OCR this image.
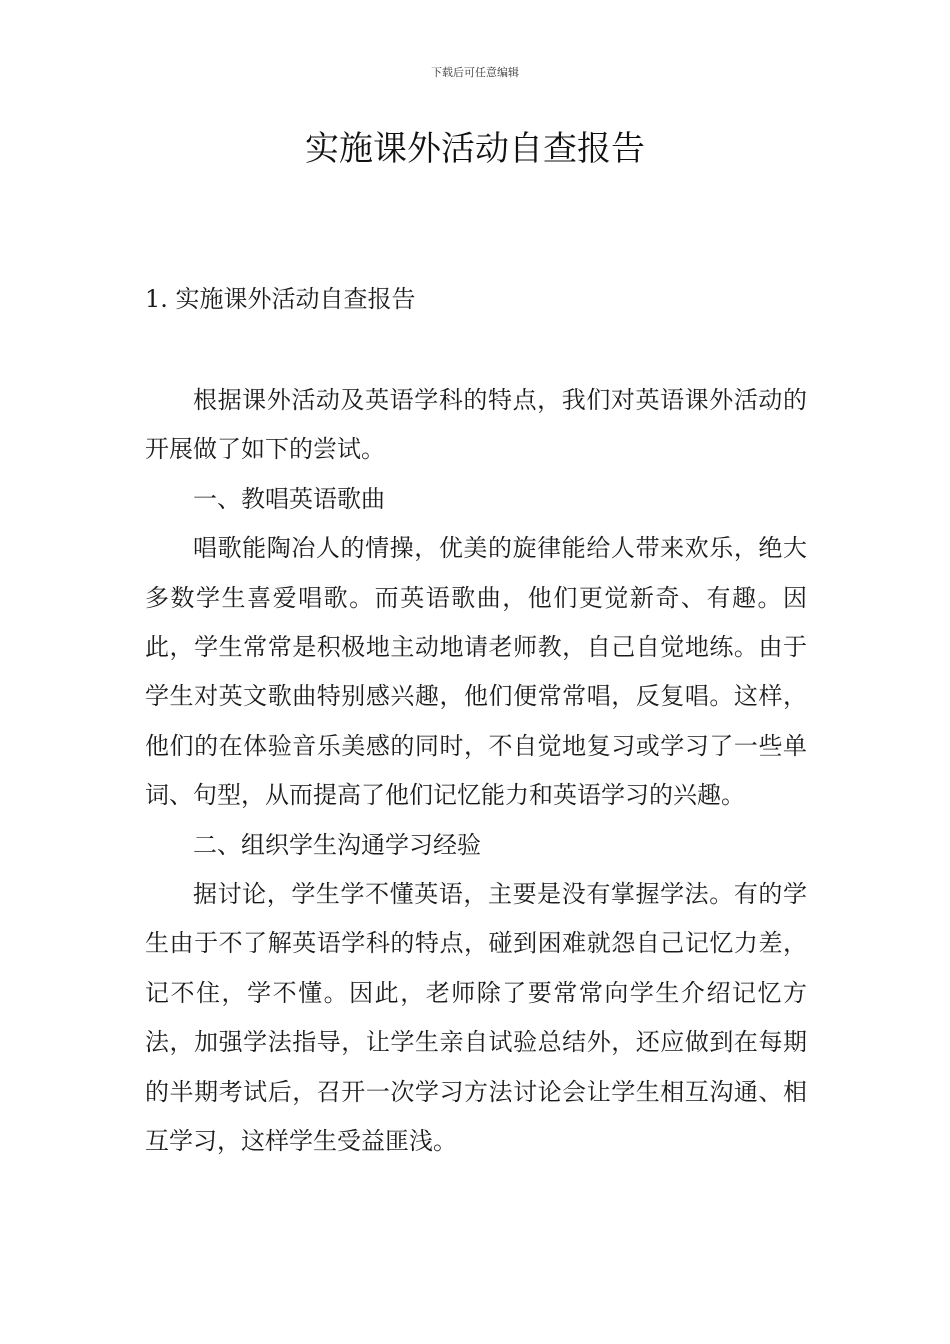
下载后可任意编辑
实施课外活动自查报告
1. 实施课外活动自查报告

根据课外活动及英语学科的特点，我们对英语课外活动的开展做了如下的尝试。

一、教唱英语歌曲

唱歌能陶冶人的情操，优美的旋律能给人带来欢乐，绝大多数学生喜爱唱歌。而英语歌曲，他们更觉新奇、有趣。因此，学生常常是积极地主动地请老师教，自己自觉地练。由于学生对英文歌曲特别感兴趣，他们便常常唱，反复唱。这样，他们的在体验音乐美感的同时，不自觉地复习或学习了一些单词、句型，从而提高了他们记忆能力和英语学习的兴趣。

二、组织学生沟通学习经验

据讨论，学生学不懂英语，主要是没有掌握学法。有的学生由于不了解英语学科的特点，碰到困难就怨自己记忆力差，记不住，学不懂。因此，老师除了要常常向学生介绍记忆方法，加强学法指导，让学生亲自试验总结外，还应做到在每期的半期考试后，召开一次学习方法讨论会让学生相互沟通、相互学习，这样学生受益匪浅。
